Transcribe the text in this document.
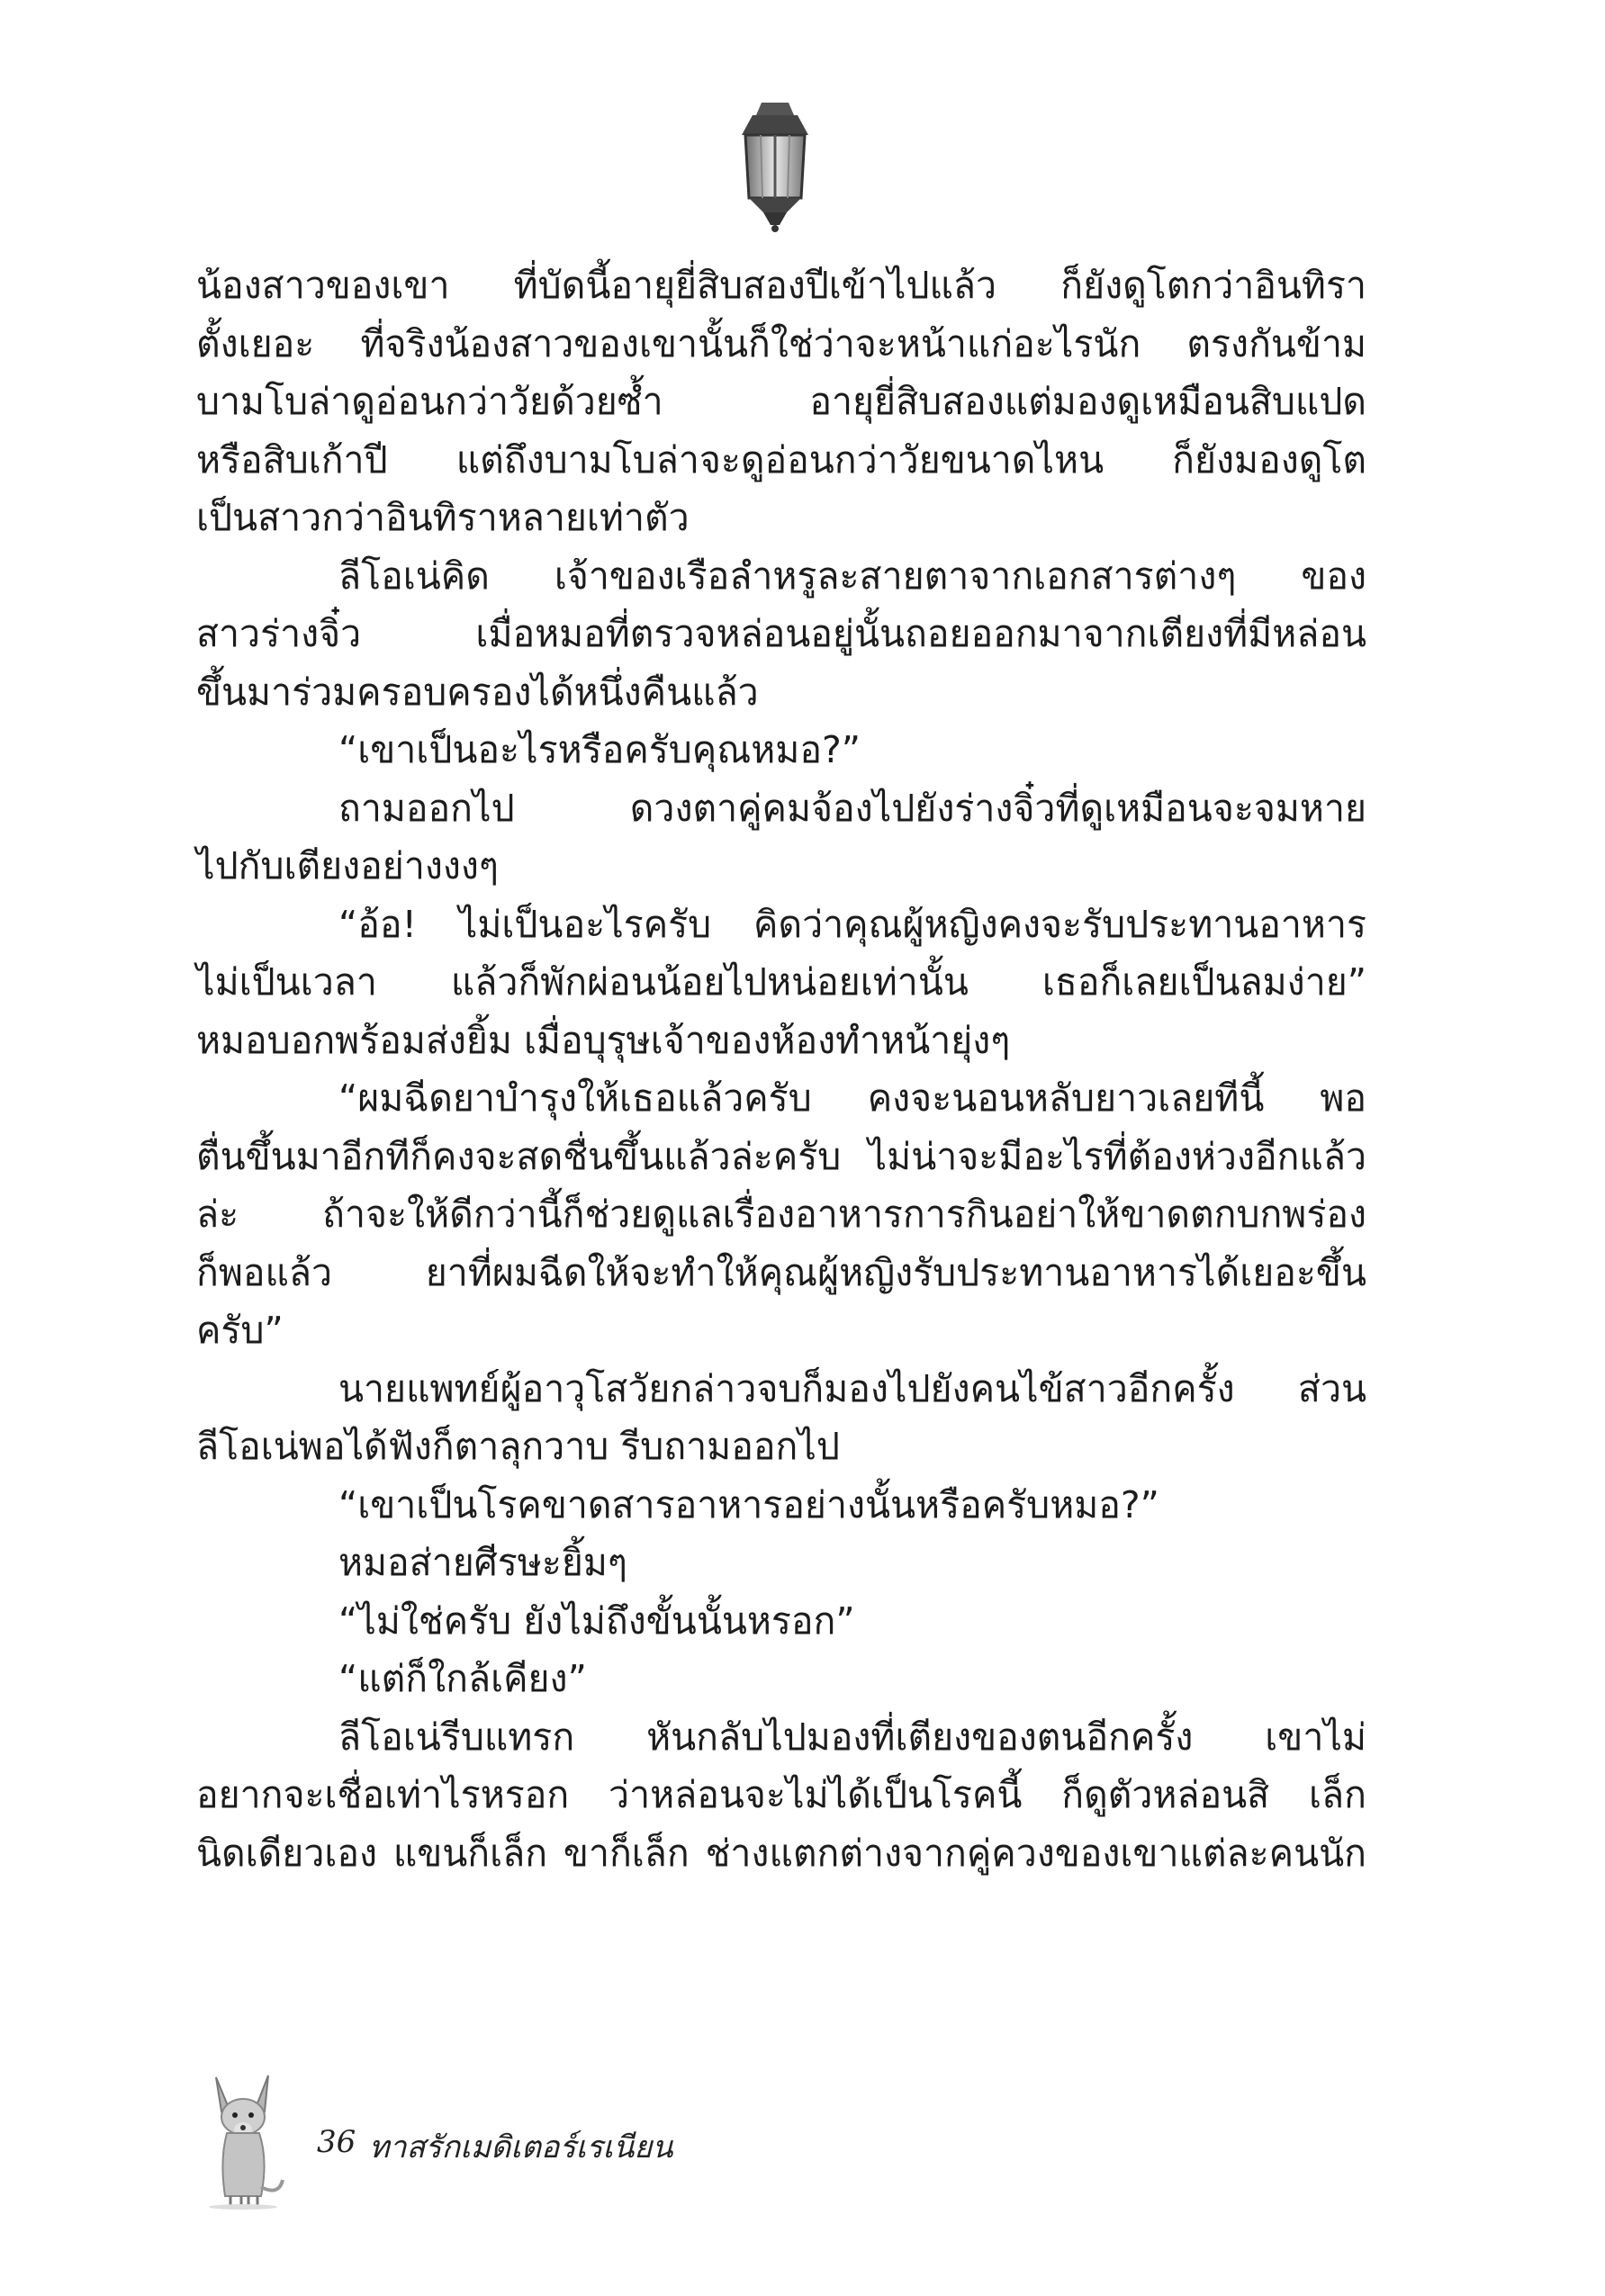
น้องสาวของเขา ที่บัดนี้อายุยี่สิบสองปีเข้าไปแล้ว ก็ยังดูโตกว่าอินทิรา
ตั้งเยอะ ที่จริงน้องสาวของเขานั้นก็ใช่ว่าจะหน้าแก่อะไรนัก ตรงกันข้าม
บามโบล่าดูอ่อนกว่าวัยด้วยซ้ำ อายุยี่สิบสองแต่มองดูเหมือนสิบแปด
หรือสิบเก้าปี แต่ถึงบามโบล่าจะดูอ่อนกว่าวัยขนาดไหน ก็ยังมองดูโต
เป็นสาวกว่าอินทิราหลายเท่าตัว
ลีโอเน่คิด เจ้าของเรือลำหรูละสายตาจากเอกสารต่างๆ ของ
สาวร่างจิ๋ว เมื่อหมอที่ตรวจหล่อนอยู่นั้นถอยออกมาจากเตียงที่มีหล่อน
ขึ้นมาร่วมครอบครองได้หนึ่งคืนแล้ว
“เขาเป็นอะไรหรือครับคุณหมอ?”
ถามออกไป ดวงตาคู่คมจ้องไปยังร่างจิ๋วที่ดูเหมือนจะจมหาย
ไปกับเตียงอย่างงงๆ
“อ้อ! ไม่เป็นอะไรครับ คิดว่าคุณผู้หญิงคงจะรับประทานอาหาร
ไม่เป็นเวลา แล้วก็พักผ่อนน้อยไปหน่อยเท่านั้น เธอก็เลยเป็นลมง่าย”
หมอบอกพร้อมส่งยิ้ม เมื่อบุรุษเจ้าของห้องทำหน้ายุ่งๆ
“ผมฉีดยาบำรุงให้เธอแล้วครับ คงจะนอนหลับยาวเลยทีนี้ พอ
ตื่นขึ้นมาอีกทีก็คงจะสดชื่นขึ้นแล้วล่ะครับ ไม่น่าจะมีอะไรที่ต้องห่วงอีกแล้ว
ล่ะ ถ้าจะให้ดีกว่านี้ก็ช่วยดูแลเรื่องอาหารการกินอย่าให้ขาดตกบกพร่อง
ก็พอแล้ว ยาที่ผมฉีดให้จะทำให้คุณผู้หญิงรับประทานอาหารได้เยอะขึ้น
ครับ”
นายแพทย์ผู้อาวุโสวัยกล่าวจบก็มองไปยังคนไข้สาวอีกครั้ง ส่วน
ลีโอเน่พอได้ฟังก็ตาลุกวาบ รีบถามออกไป
“เขาเป็นโรคขาดสารอาหารอย่างนั้นหรือครับหมอ?”
หมอส่ายศีรษะยิ้มๆ
“ไม่ใช่ครับ ยังไม่ถึงขั้นนั้นหรอก”
“แต่ก็ใกล้เคียง”
ลีโอเน่รีบแทรก หันกลับไปมองที่เตียงของตนอีกครั้ง เขาไม่
อยากจะเชื่อเท่าไรหรอก ว่าหล่อนจะไม่ได้เป็นโรคนี้ ก็ดูตัวหล่อนสิ เล็ก
นิดเดียวเอง แขนก็เล็ก ขาก็เล็ก ช่างแตกต่างจากคู่ควงของเขาแต่ละคนนัก
36 ทาสรักเมดิเตอร์เรเนียน
